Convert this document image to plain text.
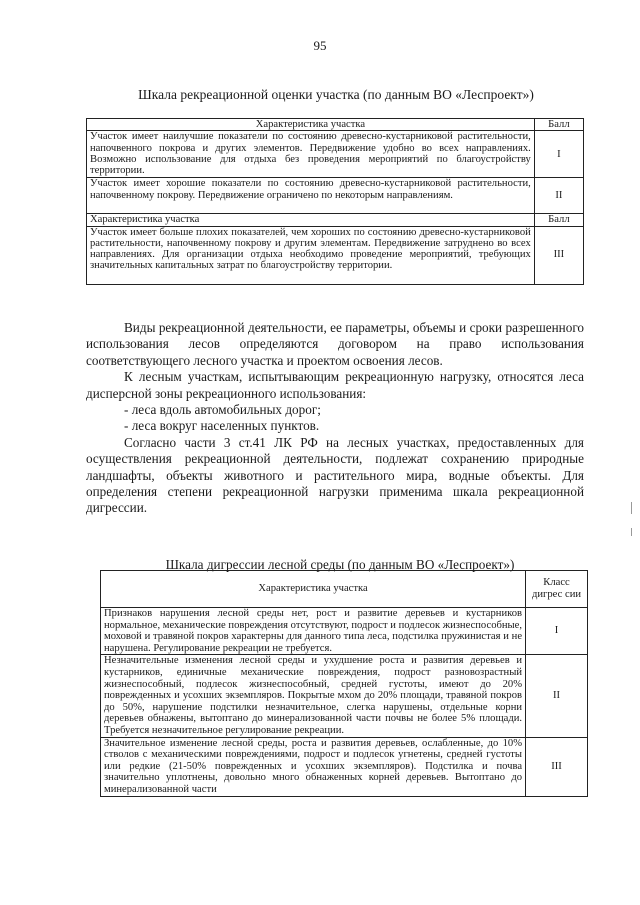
95
Шкала рекреационной оценки участка (по данным ВО «Леспроект»)
Характеристика участка	Балл
Участок имеет наилучшие показатели по состоянию древесно-кустарниковой растительности, напочвенного покрова и других элементов. Передвижение удобно во всех направлениях. Возможно использование для отдыха без проведения мероприятий по благоустройству территории.	I
Участок имеет хорошие показатели по состоянию древесно-кустарниковой растительности, напочвенному покрову. Передвижение ограничено по некоторым направлениям.	II
Характеристика участка	Балл
Участок имеет больше плохих показателей, чем хороших по состоянию древесно-кустарниковой растительности, напочвенному покрову и другим элементам. Передвижение затруднено во всех направлениях. Для организации отдыха необходимо проведение мероприятий, требующих значительных капитальных затрат по благоустройству территории.	III

Виды рекреационной деятельности, ее параметры, объемы и сроки разрешенного использования лесов определяются договором на право использования соответствующего лесного участка и проектом освоения лесов.

К лесным участкам, испытывающим рекреационную нагрузку, относятся леса дисперсной зоны рекреационного использования:

- леса вдоль автомобильных дорог;

- леса вокруг населенных пунктов.

Согласно части 3 ст.41 ЛК РФ на лесных участках, предоставленных для осуществления рекреационной деятельности, подлежат сохранению природные ландшафты, объекты животного и растительного мира, водные объекты. Для определения степени рекреационной нагрузки применима шкала рекреационной дигрессии.

Шкала дигрессии лесной среды (по данным ВО «Леспроект»)
Характеристика участка	Класс дигрес сии
Признаков нарушения лесной среды нет, рост и развитие деревьев и кустарников нормальное, механические повреждения отсутствуют, подрост и подлесок жизнеспособные, моховой и травяной покров характерны для данного типа леса, подстилка пружинистая и не нарушена. Регулирование рекреации не требуется.	I
Незначительные изменения лесной среды и ухудшение роста и развития деревьев и кустарников, единичные механические повреждения, подрост разновозрастный жизнеспособный, подлесок жизнеспособный, средней густоты, имеют до 20% поврежденных и усохших экземпляров. Покрытые мхом до 20% площади, травяной покров до 50%, нарушение подстилки незначительное, слегка нарушены, отдельные корни деревьев обнажены, вытоптано до минерализованной части почвы не более 5% площади. Требуется незначительное регулирование рекреации.	II
Значительное изменение лесной среды, роста и развития деревьев, ослабленные, до 10% стволов с механическими повреждениями, подрост и подлесок угнетены, средней густоты или редкие (21-50% поврежденных и усохших экземпляров). Подстилка и почва значительно уплотнены, довольно много обнаженных корней деревьев. Вытоптано до минерализованной части	III
